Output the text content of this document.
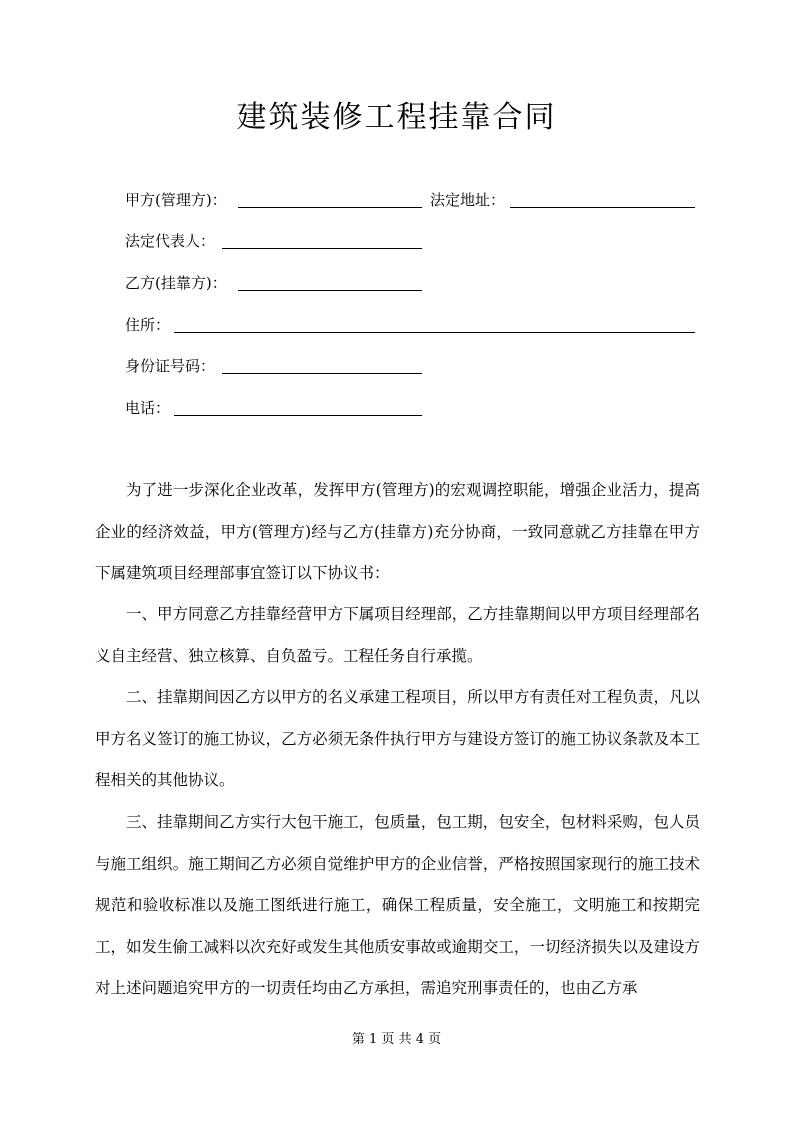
建筑装修工程挂靠合同
甲方(管理方)：	法定地址：
法定代表人：
乙方(挂靠方)：
住所：
身份证号码：
电话：

为了进一步深化企业改革，发挥甲方(管理方)的宏观调控职能，增强企业活力，提高企业的经济效益，甲方(管理方)经与乙方(挂靠方)充分协商，一致同意就乙方挂靠在甲方下属建筑项目经理部事宜签订以下协议书：

一、甲方同意乙方挂靠经营甲方下属项目经理部，乙方挂靠期间以甲方项目经理部名义自主经营、独立核算、自负盈亏。工程任务自行承揽。

二、挂靠期间因乙方以甲方的名义承建工程项目，所以甲方有责任对工程负责，凡以甲方名义签订的施工协议，乙方必须无条件执行甲方与建设方签订的施工协议条款及本工程相关的其他协议。

三、挂靠期间乙方实行大包干施工，包质量，包工期，包安全，包材料采购，包人员与施工组织。施工期间乙方必须自觉维护甲方的企业信誉，严格按照国家现行的施工技术规范和验收标准以及施工图纸进行施工，确保工程质量，安全施工，文明施工和按期完工，如发生偷工减料以次充好或发生其他质安事故或逾期交工，一切经济损失以及建设方对上述问题追究甲方的一切责任均由乙方承担，需追究刑事责任的，也由乙方承

第 1 页 共 4 页
